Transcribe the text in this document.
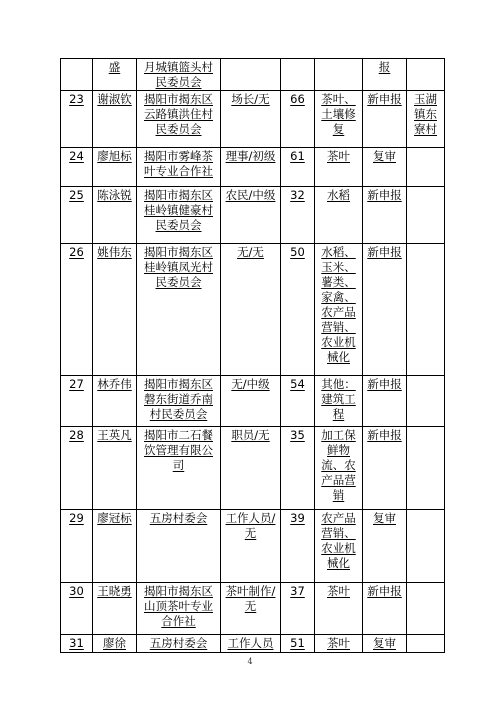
	盛	月城镇篮头村民委员会				报	
23	谢淑钦	揭阳市揭东区云路镇洪住村民委员会	场长/无	66	茶叶、土壤修复	新申报	玉湖镇东寮村
24	廖旭标	揭阳市雾峰茶叶专业合作社	理事/初级	61	茶叶	复审	
25	陈泳锐	揭阳市揭东区桂岭镇健豪村民委员会	农民/中级	32	水稻	新申报	
26	姚伟东	揭阳市揭东区桂岭镇凤光村民委员会	无/无	50	水稻、玉米、薯类、家禽、农产品营销、农业机械化	新申报	
27	林乔伟	揭阳市揭东区磐东街道乔南村民委员会	无/中级	54	其他：建筑工程	新申报	
28	王英凡	揭阳市二石餐饮管理有限公司	职员/无	35	加工保鲜物流、农产品营销	新申报	
29	廖冠标	五房村委会	工作人员/无	39	农产品营销、农业机械化	复审	
30	王晓勇	揭阳市揭东区山顶茶叶专业合作社	茶叶制作/无	37	茶叶	新申报	
31	廖徐	五房村委会	工作人员	51	茶叶	复审	
4
